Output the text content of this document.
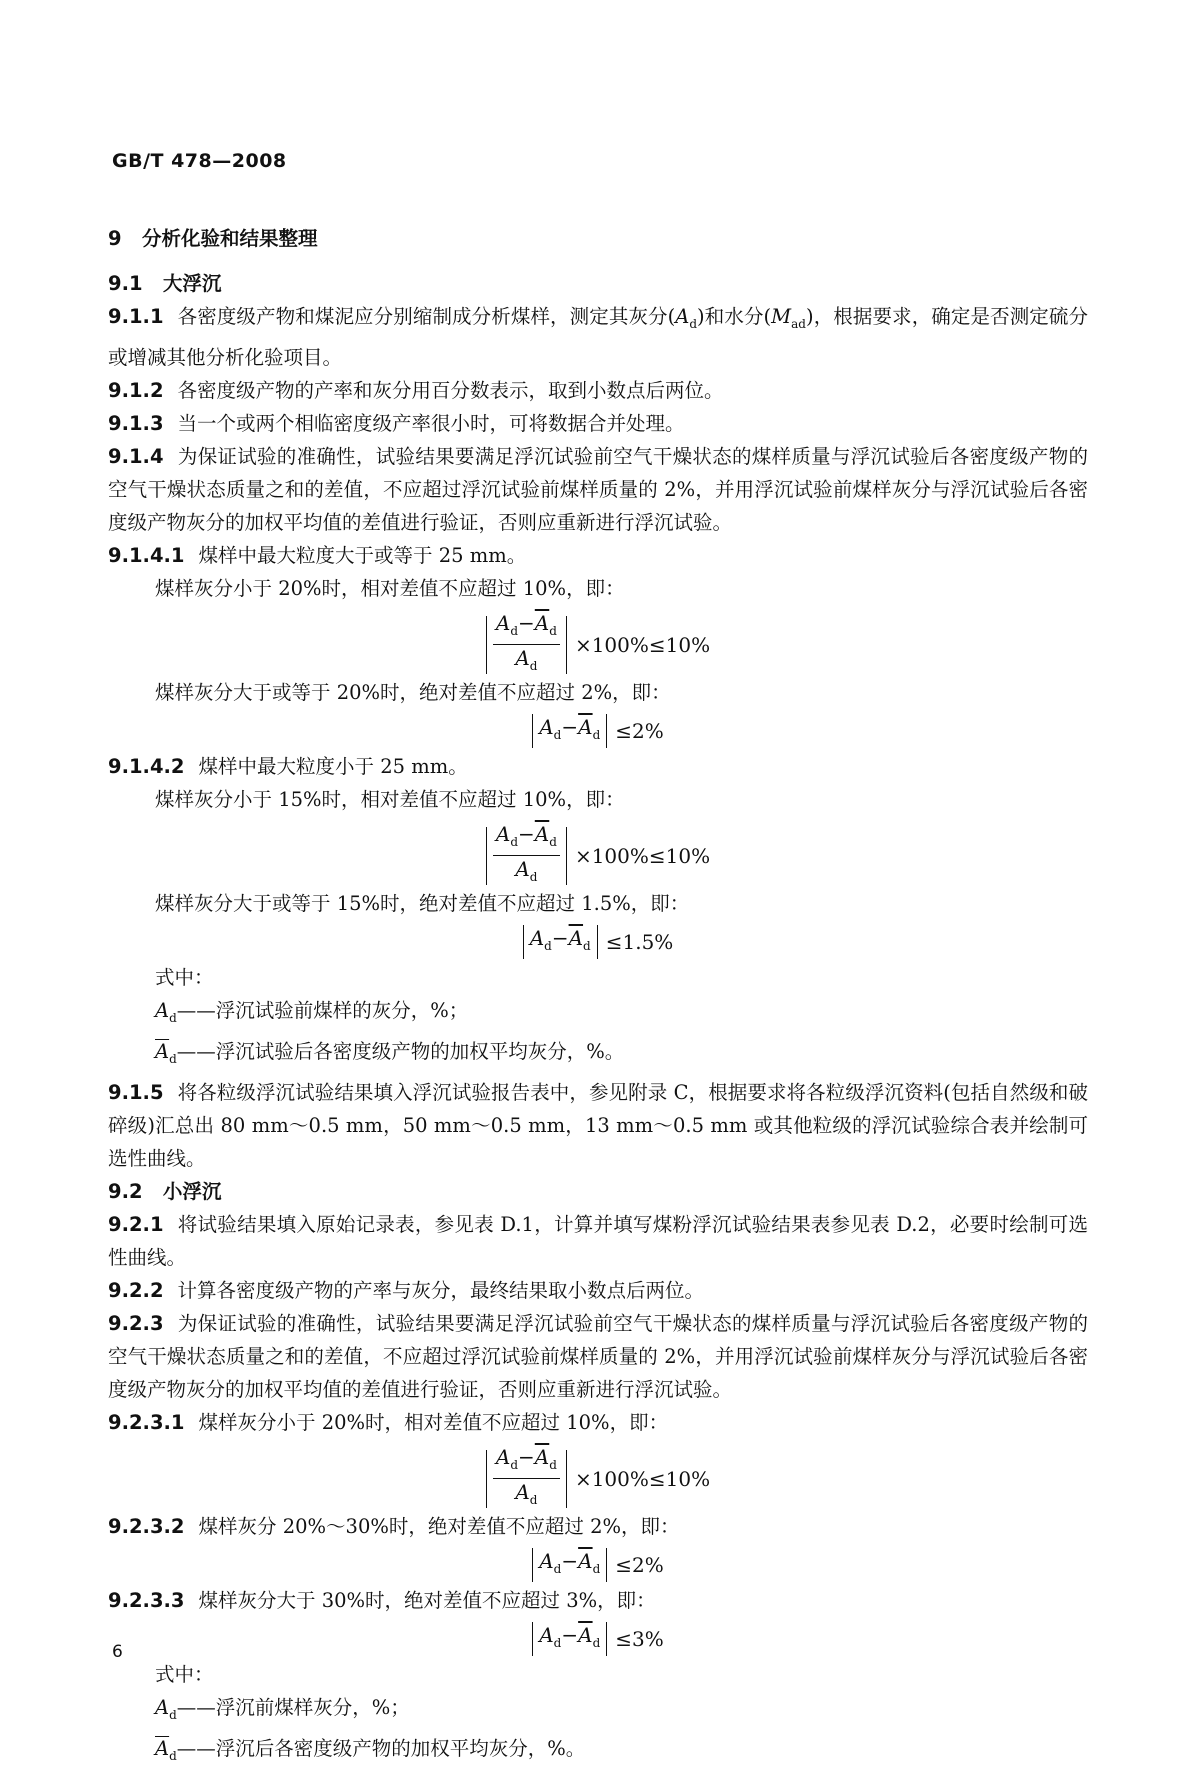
GB/T 478—2008

9 分析化验和结果整理

9.1 大浮沉

9.1.1 各密度级产物和煤泥应分别缩制成分析煤样，测定其灰分$(A_d)$和水分$(M_{ad})$，根据要求，确定是否测定硫分或增减其他分析化验项目。

9.1.2 各密度级产物的产率和灰分用百分数表示，取到小数点后两位。

9.1.3 当一个或两个相临密度级产率很小时，可将数据合并处理。

9.1.4 为保证试验的准确性，试验结果要满足浮沉试验前空气干燥状态的煤样质量与浮沉试验后各密度级产物的空气干燥状态质量之和的差值，不应超过浮沉试验前煤样质量的 2%，并用浮沉试验前煤样灰分与浮沉试验后各密度级产物灰分的加权平均值的差值进行验证，否则应重新进行浮沉试验。

9.1.4.1 煤样中最大粒度大于或等于 25 mm。

煤样灰分小于 20%时，相对差值不应超过 10%，即：

$\frac{A_d-\overline{A}_d}{A_d} \times 100\%\le 10\%$

煤样灰分大于或等于 20%时，绝对差值不应超过 2%，即：

$A_d-\overline{A}_d \le 2\%$

9.1.4.2 煤样中最大粒度小于 25 mm。

煤样灰分小于 15%时，相对差值不应超过 10%，即：

$\frac{A_d-\overline{A}_d}{A_d} \times 100\%\le 10\%$

煤样灰分大于或等于 15%时，绝对差值不应超过 1.5%，即：

$A_d-\overline{A}_d \le 1.5\%$

式中：

$A_d——$浮沉试验前煤样的灰分，%；

$\overline{A}_d——$浮沉试验后各密度级产物的加权平均灰分，%。

9.1.5 将各粒级浮沉试验结果填入浮沉试验报告表中，参见附录 C，根据要求将各粒级浮沉资料(包括自然级和破碎级)汇总出 80 mm～0.5 mm，50 mm～0.5 mm，13 mm～0.5 mm 或其他粒级的浮沉试验综合表并绘制可选性曲线。

9.2 小浮沉

9.2.1 将试验结果填入原始记录表，参见表 D.1，计算并填写煤粉浮沉试验结果表参见表 D.2，必要时绘制可选性曲线。

9.2.2 计算各密度级产物的产率与灰分，最终结果取小数点后两位。

9.2.3 为保证试验的准确性，试验结果要满足浮沉试验前空气干燥状态的煤样质量与浮沉试验后各密度级产物的空气干燥状态质量之和的差值，不应超过浮沉试验前煤样质量的 2%，并用浮沉试验前煤样灰分与浮沉试验后各密度级产物灰分的加权平均值的差值进行验证，否则应重新进行浮沉试验。

9.2.3.1 煤样灰分小于 20%时，相对差值不应超过 10%，即：

$\frac{A_d-\overline{A}_d}{A_d} \times 100\%\le 10\%$

9.2.3.2 煤样灰分 20%～30%时，绝对差值不应超过 2%，即：

$A_d-\overline{A}_d \le 2\%$

9.2.3.3 煤样灰分大于 30%时，绝对差值不应超过 3%，即：

$A_d-\overline{A}_d \le 3\%$

式中：

$A_d——$浮沉前煤样灰分，%；

$\overline{A}_d——$浮沉后各密度级产物的加权平均灰分，%。

6
